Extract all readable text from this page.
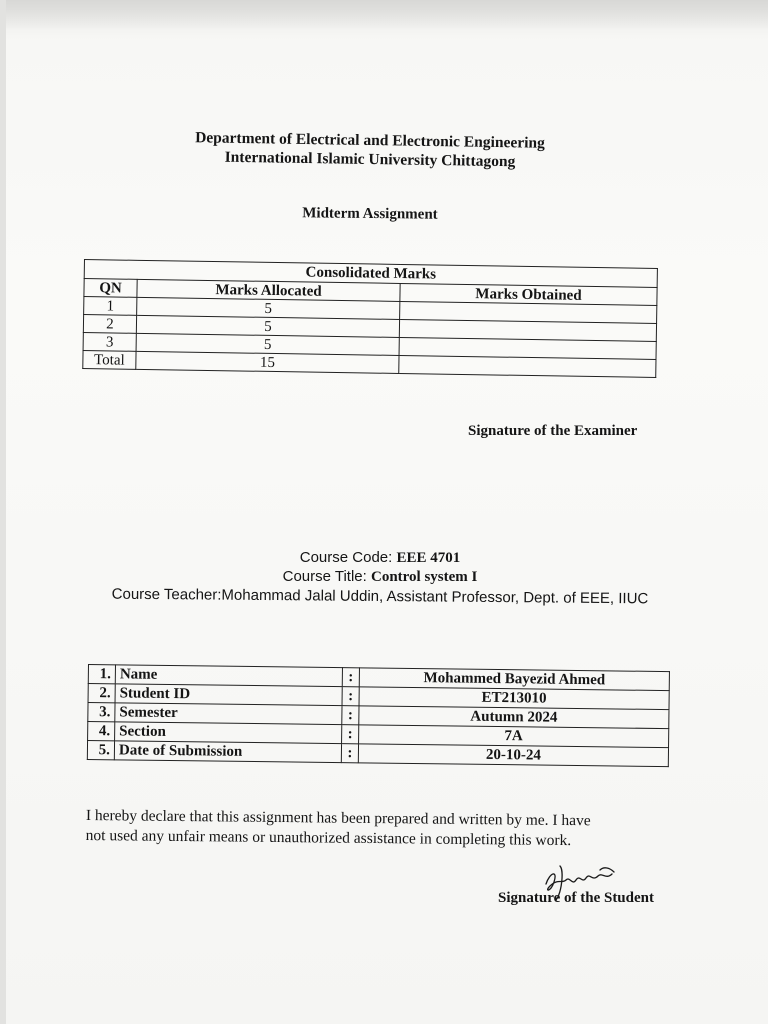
Department of Electrical and Electronic Engineering
International Islamic University Chittagong
Midterm Assignment
Consolidated Marks		
QN	Marks Allocated	Marks Obtained
1	5	
2	5	
3	5	
Total	15	
Signature of the Examiner
Course Code: EEE 4701
Course Title: Control system I
Course Teacher:Mohammad Jalal Uddin, Assistant Professor, Dept. of EEE, IIUC
1.	Name	:	Mohammed Bayezid Ahmed
2.	Student ID	:	ET213010
3.	Semester	:	Autumn 2024
4.	Section	:	7A
5.	Date of Submission	:	20-10-24
I hereby declare that this assignment has been prepared and written by me. I have
not used any unfair means or unauthorized assistance in completing this work.
Signature of the Student
